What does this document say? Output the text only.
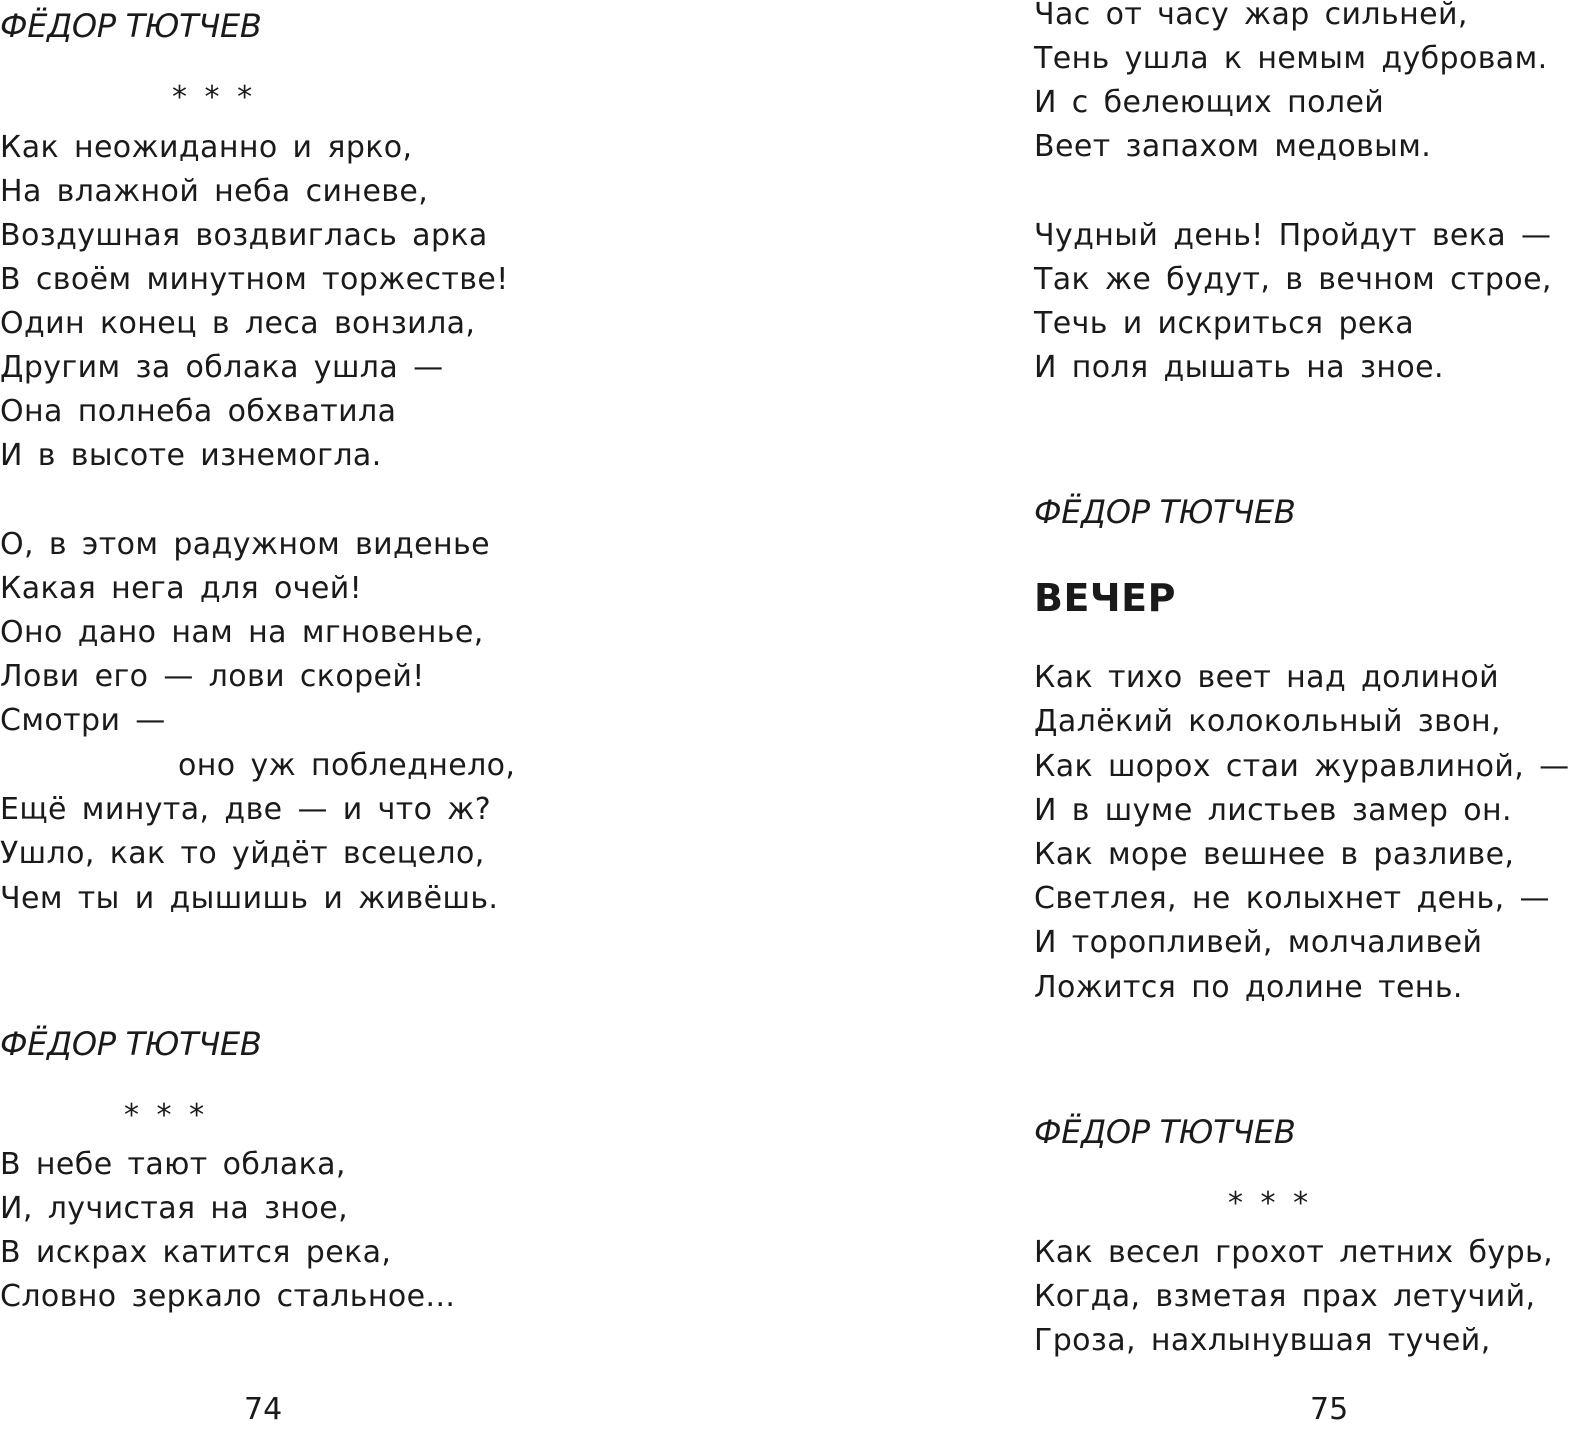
ФЁДОР ТЮТЧЕВ
* * *
Как неожиданно и ярко,
На влажной неба синеве,
Воздушная воздвиглась арка
В своём минутном торжестве!
Один конец в леса вонзила,
Другим за облака ушла —
Она полнеба обхватила
И в высоте изнемогла.
О, в этом радужном виденье
Какая нега для очей!
Оно дано нам на мгновенье,
Лови его — лови скорей!
Смотри —
оно уж побледнело,
Ещё минута, две — и что ж?
Ушло, как то уйдёт всецело,
Чем ты и дышишь и живёшь.
ФЁДОР ТЮТЧЕВ
* * *
В небе тают облака,
И, лучистая на зное,
В искрах катится река,
Словно зеркало стальное...
74
Час от часу жар сильней,
Тень ушла к немым дубровам.
И с белеющих полей
Веет запахом медовым.
Чудный день! Пройдут века —
Так же будут, в вечном строе,
Течь и искриться река
И поля дышать на зное.
ФЁДОР ТЮТЧЕВ
ВЕЧЕР
Как тихо веет над долиной
Далёкий колокольный звон,
Как шорох стаи журавлиной, —
И в шуме листьев замер он.
Как море вешнее в разливе,
Светлея, не колыхнет день, —
И торопливей, молчаливей
Ложится по долине тень.
ФЁДОР ТЮТЧЕВ
* * *
Как весел грохот летних бурь,
Когда, взметая прах летучий,
Гроза, нахлынувшая тучей,
75
